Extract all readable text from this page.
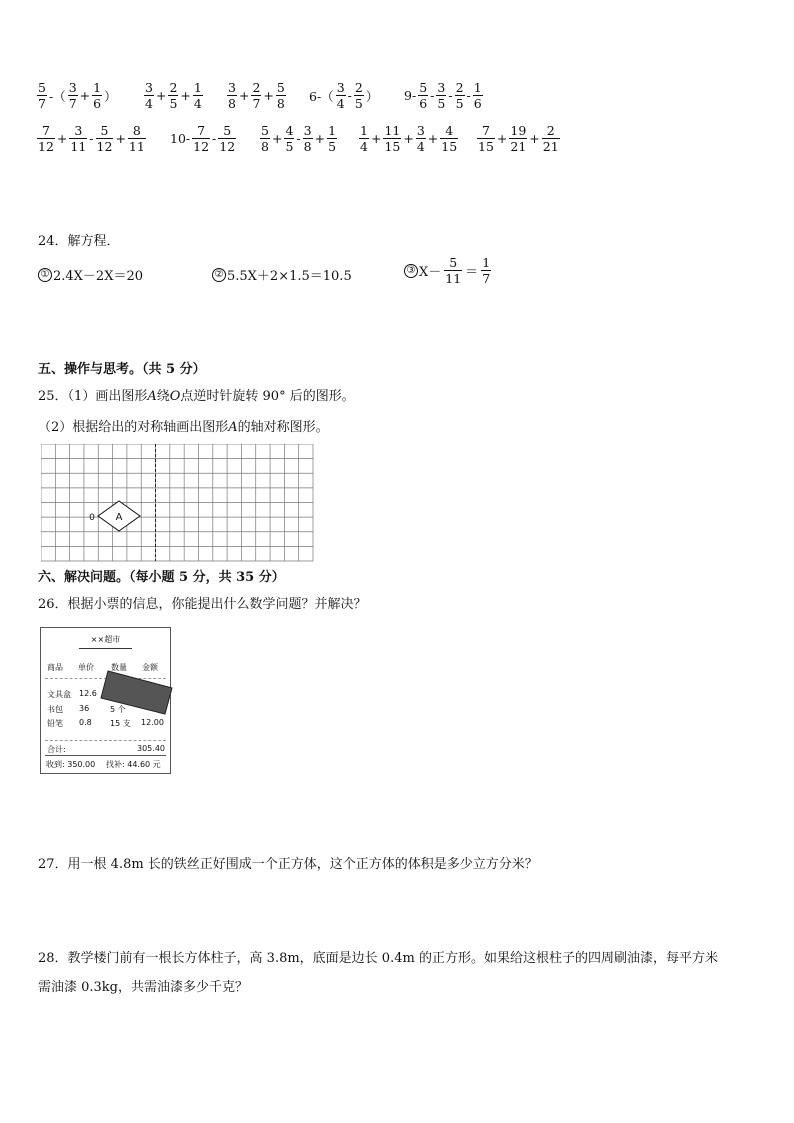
$\frac{5}{7}$ -（ $\frac{3}{7} + \frac{1}{6}$ ） $\frac{3}{4} + \frac{2}{5} + \frac{1}{4} \frac{3}{8} + \frac{2}{7} + \frac{5}{8} 6-( \frac{3}{4} - \frac{2}{5}$ ） $9- \frac{5}{6} - \frac{3}{5} - \frac{2}{5} - \frac{1}{6}$
$\frac{7}{12} + \frac{3}{11} - \frac{5}{12} + \frac{8}{11} 10- \frac{7}{12} - \frac{5}{12} \frac{5}{8} + \frac{4}{5} - \frac{3}{8} + \frac{1}{5} \frac{1}{4} + \frac{11}{15} + \frac{3}{4} + \frac{4}{15} \frac{7}{15} + \frac{19}{21} + \frac{2}{21}$
24．解方程．
① 2.4X－2X＝20	② 5.5X＋2×1.5＝10.5	③ $X- \frac{5}{11} = \frac{1}{7}$
五、操作与思考。（共 5 分）
25．（1）画出图形A绕O点逆时针旋转 90° 后的图形。
（2）根据给出的对称轴画出图形A的轴对称图形。
A
0
六、解决问题。（每小题 5 分，共 35 分）
26．根据小票的信息，你能提出什么数学问题？并解决？
××超市
商品 单价 数量 金额
文具盒 12.6
书包 36	5 个
铅笔 0.8 15 支 12.00
合计:	305.40
收到: 350.00 找补: 44.60 元
27．用一根 4.8m 长的铁丝正好围成一个正方体，这个正方体的体积是多少立方分米？
28．教学楼门前有一根长方体柱子，高 3.8m，底面是边长 0.4m 的正方形。如果给这根柱子的四周刷油漆，每平方米
需油漆 0.3kg，共需油漆多少千克？
